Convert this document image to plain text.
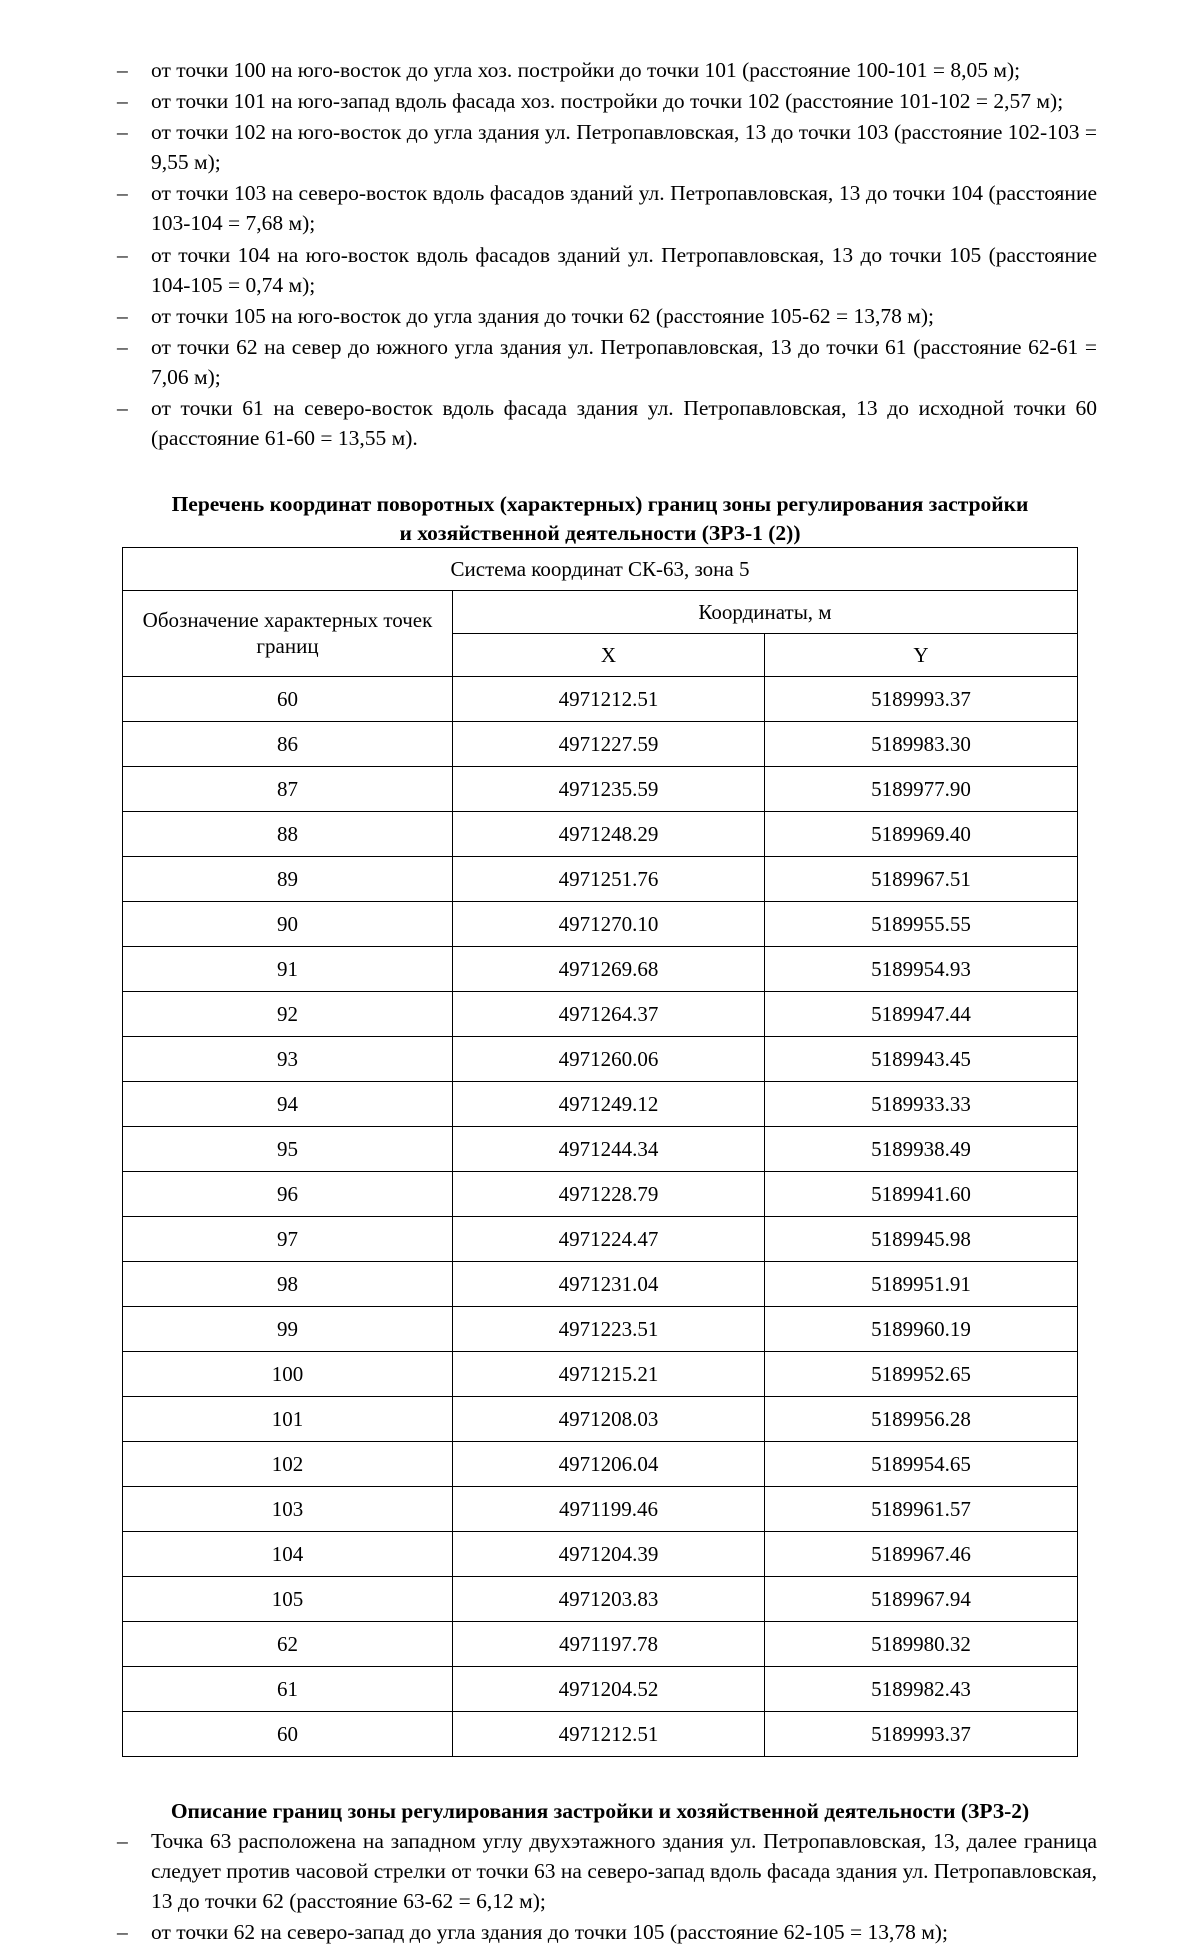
– от точки 100 на юго-восток до угла хоз. постройки до точки 101 (расстояние 100-101 = 8,05 м);
– от точки 101 на юго-запад вдоль фасада хоз. постройки до точки 102 (расстояние 101-102 = 2,57 м);
– от точки 102 на юго-восток до угла здания ул. Петропавловская, 13 до точки 103 (расстояние 102-103 = 9,55 м);
– от точки 103 на северо-восток вдоль фасадов зданий ул. Петропавловская, 13 до точки 104 (расстояние 103-104 = 7,68 м);
– от точки 104 на юго-восток вдоль фасадов зданий ул. Петропавловская, 13 до точки 105 (расстояние 104-105 = 0,74 м);
– от точки 105 на юго-восток до угла здания до точки 62 (расстояние 105-62 = 13,78 м);
– от точки 62 на север до южного угла здания ул. Петропавловская, 13 до точки 61 (расстояние 62-61 = 7,06 м);
– от точки 61 на северо-восток вдоль фасада здания ул. Петропавловская, 13 до исходной точки 60 (расстояние 61-60 = 13,55 м).
Перечень координат поворотных (характерных) границ зоны регулирования застройки
и хозяйственной деятельности (ЗРЗ-1 (2))
Система координат СК-63, зона 5		
Обозначение характерных точек границ	Координаты, м	
	X	Y
60	4971212.51	5189993.37
86	4971227.59	5189983.30
87	4971235.59	5189977.90
88	4971248.29	5189969.40
89	4971251.76	5189967.51
90	4971270.10	5189955.55
91	4971269.68	5189954.93
92	4971264.37	5189947.44
93	4971260.06	5189943.45
94	4971249.12	5189933.33
95	4971244.34	5189938.49
96	4971228.79	5189941.60
97	4971224.47	5189945.98
98	4971231.04	5189951.91
99	4971223.51	5189960.19
100	4971215.21	5189952.65
101	4971208.03	5189956.28
102	4971206.04	5189954.65
103	4971199.46	5189961.57
104	4971204.39	5189967.46
105	4971203.83	5189967.94
62	4971197.78	5189980.32
61	4971204.52	5189982.43
60	4971212.51	5189993.37
Описание границ зоны регулирования застройки и хозяйственной деятельности (ЗРЗ-2)
– Точка 63 расположена на западном углу двухэтажного здания ул. Петропавловская, 13, далее граница следует против часовой стрелки от точки 63 на северо-запад вдоль фасада здания ул. Петропавловская, 13 до точки 62 (расстояние 63-62 = 6,12 м);
– от точки 62 на северо-запад до угла здания до точки 105 (расстояние 62-105 = 13,78 м);
